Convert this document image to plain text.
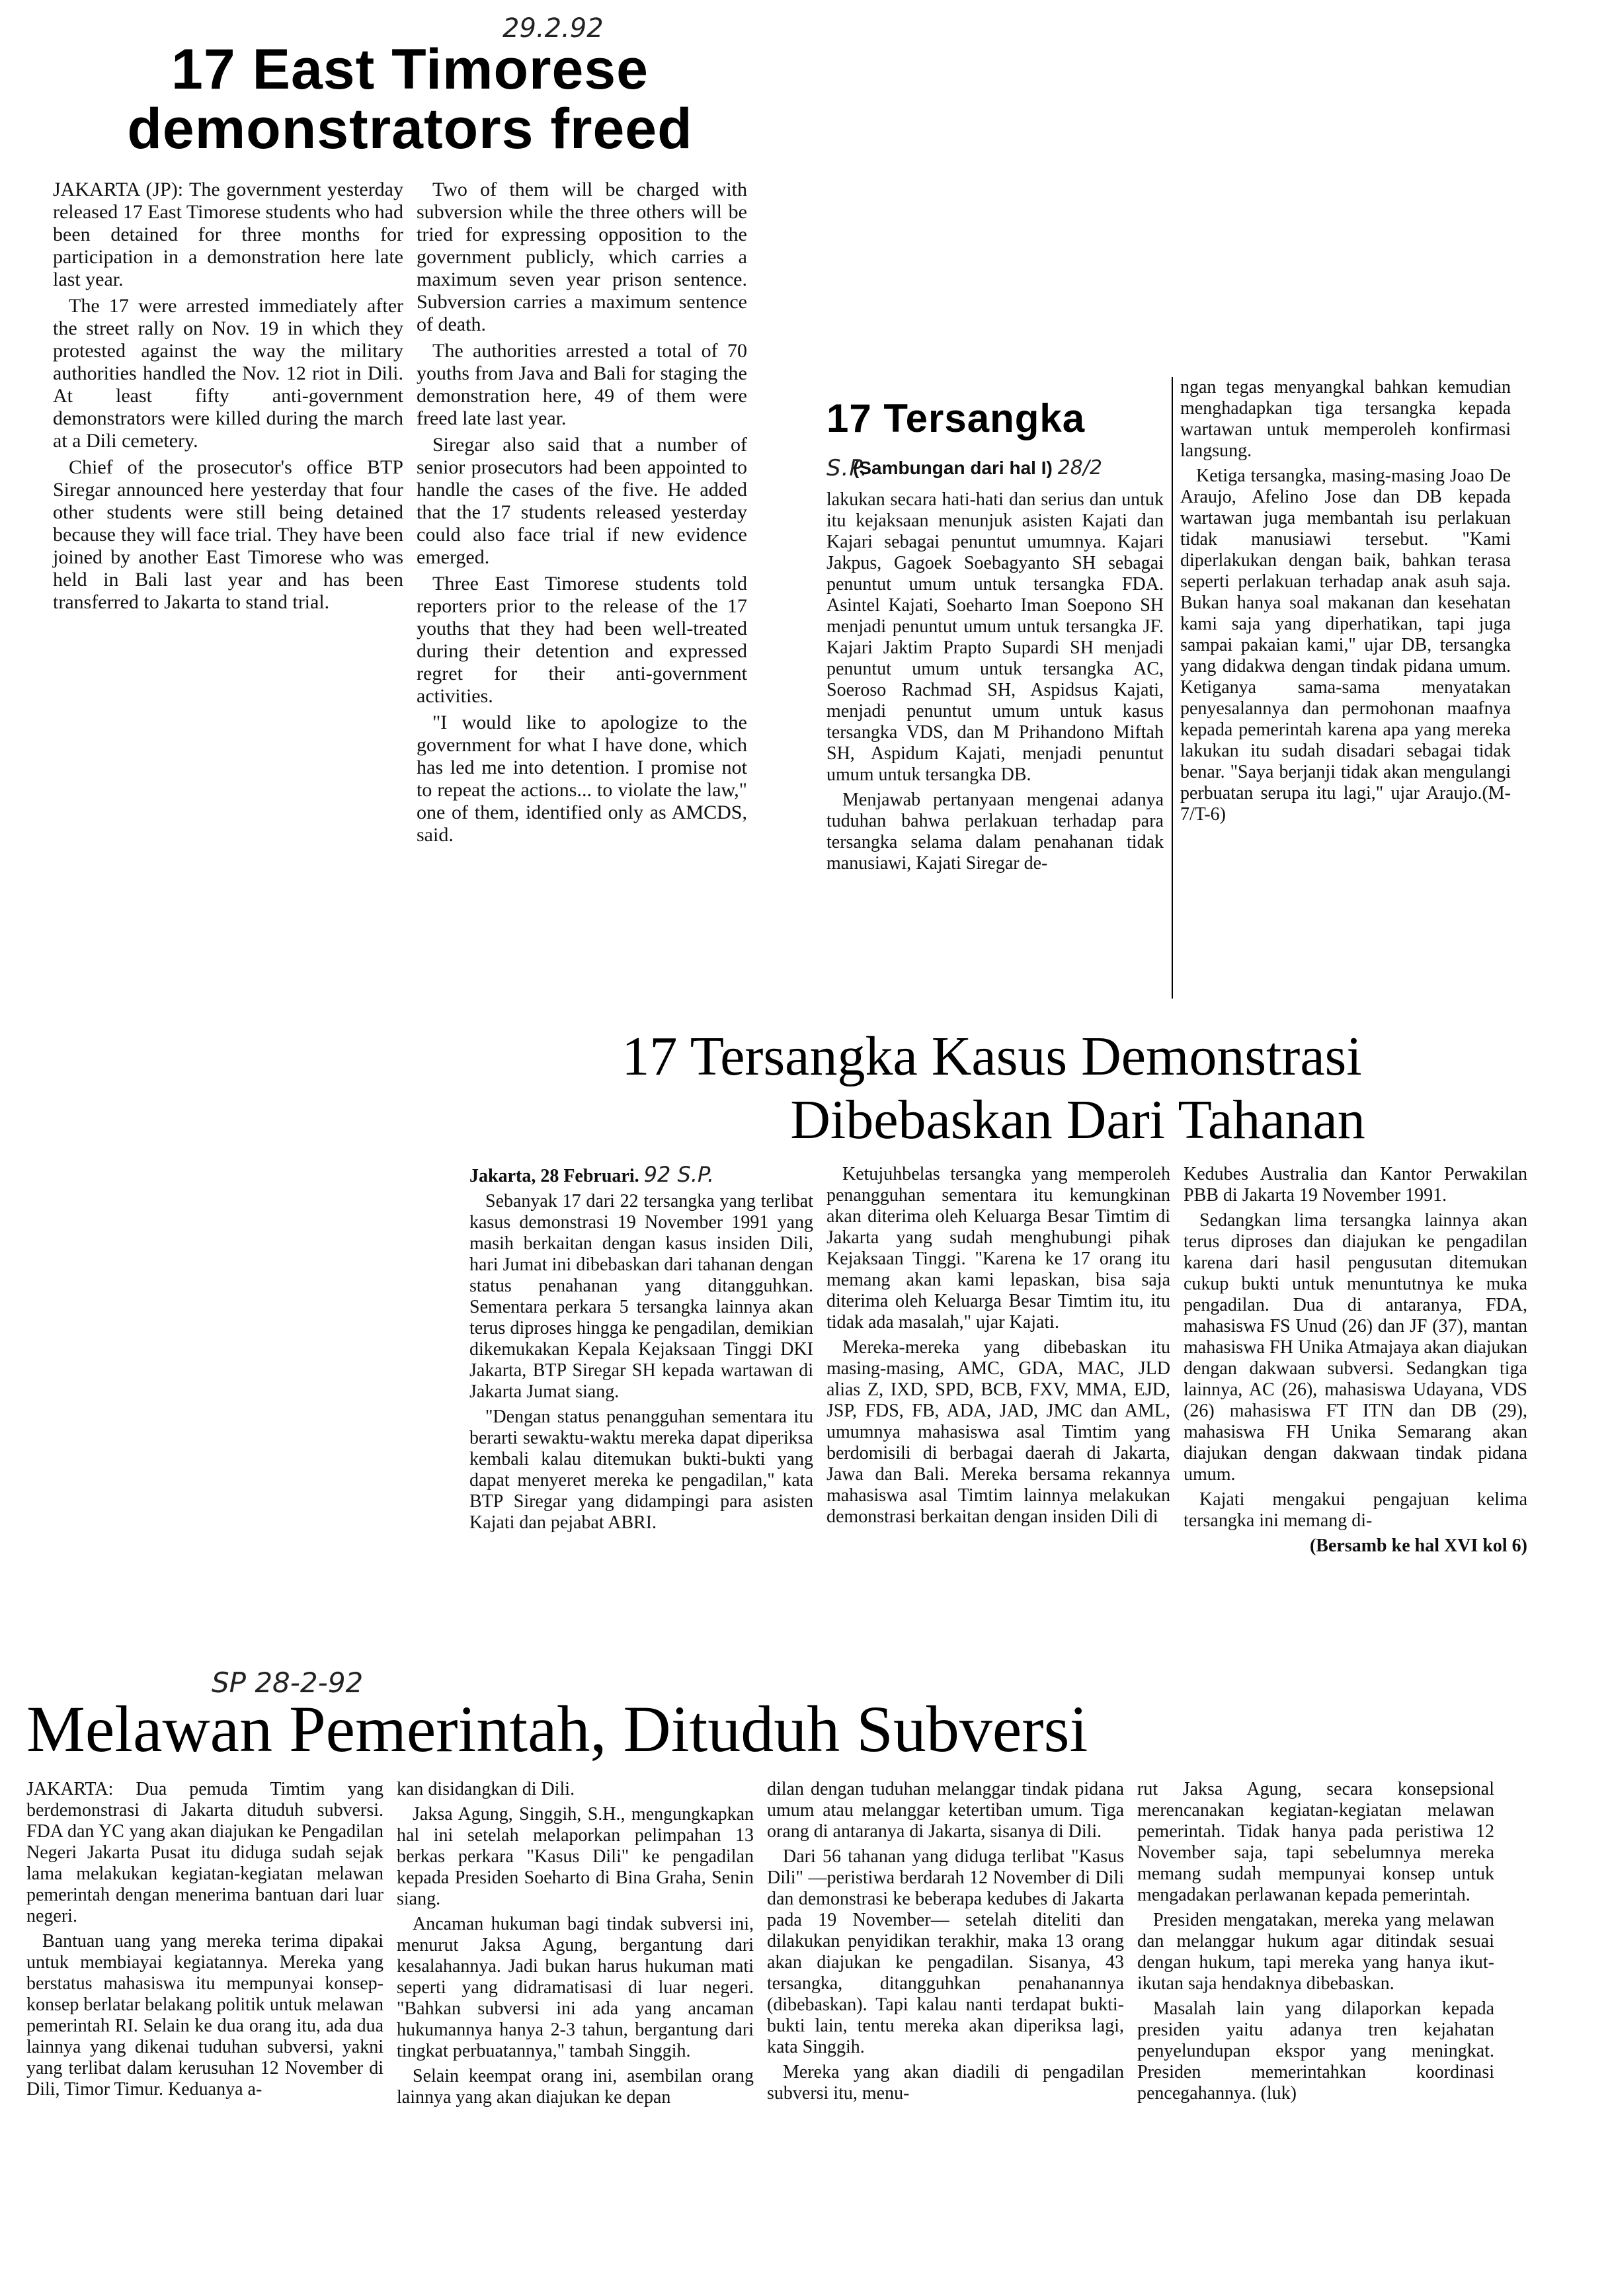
29.2.92
17 East Timorese demonstrators freed

JAKARTA (JP): The government yesterday released 17 East Timorese students who had been detained for three months for participation in a demonstration here late last year.

The 17 were arrested immediately after the street rally on Nov. 19 in which they protested against the way the military authorities handled the Nov. 12 riot in Dili. At least fifty anti-government demonstrators were killed during the march at a Dili cemetery.

Chief of the prosecutor's office BTP Siregar announced here yesterday that four other students were still being detained because they will face trial. They have been joined by another East Timorese who was held in Bali last year and has been transferred to Jakarta to stand trial.

Two of them will be charged with subversion while the three others will be tried for expressing opposition to the government publicly, which carries a maximum seven year prison sentence. Subversion carries a maximum sentence of death.

The authorities arrested a total of 70 youths from Java and Bali for staging the demonstration here, 49 of them were freed late last year.

Siregar also said that a number of senior prosecutors had been appointed to handle the cases of the five. He added that the 17 students released yesterday could also face trial if new evidence emerged.

Three East Timorese students told reporters prior to the release of the 17 youths that they had been well-treated during their detention and expressed regret for their anti-government activities.

"I would like to apologize to the government for what I have done, which has led me into detention. I promise not to repeat the actions... to violate the law," one of them, identified only as AMCDS, said.

17 Tersangka S.P.
(Sambungan dari hal I) 28/2

lakukan secara hati-hati dan serius dan untuk itu kejaksaan menunjuk asisten Kajati dan Kajari sebagai penuntut umumnya. Kajari Jakpus, Gagoek Soebagyanto SH sebagai penuntut umum untuk tersangka FDA. Asintel Kajati, Soeharto Iman Soepono SH menjadi penuntut umum untuk tersangka JF. Kajari Jaktim Prapto Supardi SH menjadi penuntut umum untuk tersangka AC, Soeroso Rachmad SH, Aspidsus Kajati, menjadi penuntut umum untuk kasus tersangka VDS, dan M Prihandono Miftah SH, Aspidum Kajati, menjadi penuntut umum untuk tersangka DB.

Menjawab pertanyaan mengenai adanya tuduhan bahwa perlakuan terhadap para tersangka selama dalam penahanan tidak manusiawi, Kajati Siregar de-

ngan tegas menyangkal bahkan kemudian menghadapkan tiga tersangka kepada wartawan untuk memperoleh konfirmasi langsung.

Ketiga tersangka, masing-masing Joao De Araujo, Afelino Jose dan DB kepada wartawan juga membantah isu perlakuan tidak manusiawi tersebut. "Kami diperlakukan dengan baik, bahkan terasa seperti perlakuan terhadap anak asuh saja. Bukan hanya soal makanan dan kesehatan kami saja yang diperhatikan, tapi juga sampai pakaian kami," ujar DB, tersangka yang didakwa dengan tindak pidana umum. Ketiganya sama-sama menyatakan penyesalannya dan permohonan maafnya kepada pemerintah karena apa yang mereka lakukan itu sudah disadari sebagai tidak benar. "Saya berjanji tidak akan mengulangi perbuatan serupa itu lagi," ujar Araujo.(M-7/T-6)

17 Tersangka Kasus Demonstrasi
Dibebaskan Dari Tahanan

Jakarta, 28 Februari. 92 S.P.

Sebanyak 17 dari 22 tersangka yang terlibat kasus demonstrasi 19 November 1991 yang masih berkaitan dengan kasus insiden Dili, hari Jumat ini dibebaskan dari tahanan dengan status penahanan yang ditangguhkan. Sementara perkara 5 tersangka lainnya akan terus diproses hingga ke pengadilan, demikian dikemukakan Kepala Kejaksaan Tinggi DKI Jakarta, BTP Siregar SH kepada wartawan di Jakarta Jumat siang.

"Dengan status penangguhan sementara itu berarti sewaktu-waktu mereka dapat diperiksa kembali kalau ditemukan bukti-bukti yang dapat menyeret mereka ke pengadilan," kata BTP Siregar yang didampingi para asisten Kajati dan pejabat ABRI.

Ketujuhbelas tersangka yang memperoleh penangguhan sementara itu kemungkinan akan diterima oleh Keluarga Besar Timtim di Jakarta yang sudah menghubungi pihak Kejaksaan Tinggi. "Karena ke 17 orang itu memang akan kami lepaskan, bisa saja diterima oleh Keluarga Besar Timtim itu, itu tidak ada masalah," ujar Kajati.

Mereka-mereka yang dibebaskan itu masing-masing, AMC, GDA, MAC, JLD alias Z, IXD, SPD, BCB, FXV, MMA, EJD, JSP, FDS, FB, ADA, JAD, JMC dan AML, umumnya mahasiswa asal Timtim yang berdomisili di berbagai daerah di Jakarta, Jawa dan Bali. Mereka bersama rekannya mahasiswa asal Timtim lainnya melakukan demonstrasi berkaitan dengan insiden Dili di

Kedubes Australia dan Kantor Perwakilan PBB di Jakarta 19 November 1991.

Sedangkan lima tersangka lainnya akan terus diproses dan diajukan ke pengadilan karena dari hasil pengusutan ditemukan cukup bukti untuk menuntutnya ke muka pengadilan. Dua di antaranya, FDA, mahasiswa FS Unud (26) dan JF (37), mantan mahasiswa FH Unika Atmajaya akan diajukan dengan dakwaan subversi. Sedangkan tiga lainnya, AC (26), mahasiswa Udayana, VDS (26) mahasiswa FT ITN dan DB (29), mahasiswa FH Unika Semarang akan diajukan dengan dakwaan tindak pidana umum.

Kajati mengakui pengajuan kelima tersangka ini memang di-

(Bersamb ke hal XVI kol 6)

SP 28-2-92
Melawan Pemerintah, Dituduh Subversi

JAKARTA: Dua pemuda Timtim yang berdemonstrasi di Jakarta dituduh subversi. FDA dan YC yang akan diajukan ke Pengadilan Negeri Jakarta Pusat itu diduga sudah sejak lama melakukan kegiatan-kegiatan melawan pemerintah dengan menerima bantuan dari luar negeri.

Bantuan uang yang mereka terima dipakai untuk membiayai kegiatannya. Mereka yang berstatus mahasiswa itu mempunyai konsep-konsep berlatar belakang politik untuk melawan pemerintah RI. Selain ke dua orang itu, ada dua lainnya yang dikenai tuduhan subversi, yakni yang terlibat dalam kerusuhan 12 November di Dili, Timor Timur. Keduanya a-

kan disidangkan di Dili.

Jaksa Agung, Singgih, S.H., mengungkapkan hal ini setelah melaporkan pelimpahan 13 berkas perkara "Kasus Dili" ke pengadilan kepada Presiden Soeharto di Bina Graha, Senin siang.

Ancaman hukuman bagi tindak subversi ini, menurut Jaksa Agung, bergantung dari kesalahannya. Jadi bukan harus hukuman mati seperti yang didramatisasi di luar negeri. "Bahkan subversi ini ada yang ancaman hukumannya hanya 2-3 tahun, bergantung dari tingkat perbuatannya," tambah Singgih.

Selain keempat orang ini, asembilan orang lainnya yang akan diajukan ke depan

dilan dengan tuduhan melanggar tindak pidana umum atau melanggar ketertiban umum. Tiga orang di antaranya di Jakarta, sisanya di Dili.

Dari 56 tahanan yang diduga terlibat "Kasus Dili" —peristiwa berdarah 12 November di Dili dan demonstrasi ke beberapa kedubes di Jakarta pada 19 November— setelah diteliti dan dilakukan penyidikan terakhir, maka 13 orang akan diajukan ke pengadilan. Sisanya, 43 tersangka, ditangguhkan penahanannya (dibebaskan). Tapi kalau nanti terdapat bukti-bukti lain, tentu mereka akan diperiksa lagi, kata Singgih.

Mereka yang akan diadili di pengadilan subversi itu, menu-

rut Jaksa Agung, secara konsepsional merencanakan kegiatan-kegiatan melawan pemerintah. Tidak hanya pada peristiwa 12 November saja, tapi sebelumnya mereka memang sudah mempunyai konsep untuk mengadakan perlawanan kepada pemerintah.

Presiden mengatakan, mereka yang melawan dan melanggar hukum agar ditindak sesuai dengan hukum, tapi mereka yang hanya ikut-ikutan saja hendaknya dibebaskan.

Masalah lain yang dilaporkan kepada presiden yaitu adanya tren kejahatan penyelundupan ekspor yang meningkat. Presiden memerintahkan koordinasi pencegahannya. (luk)
